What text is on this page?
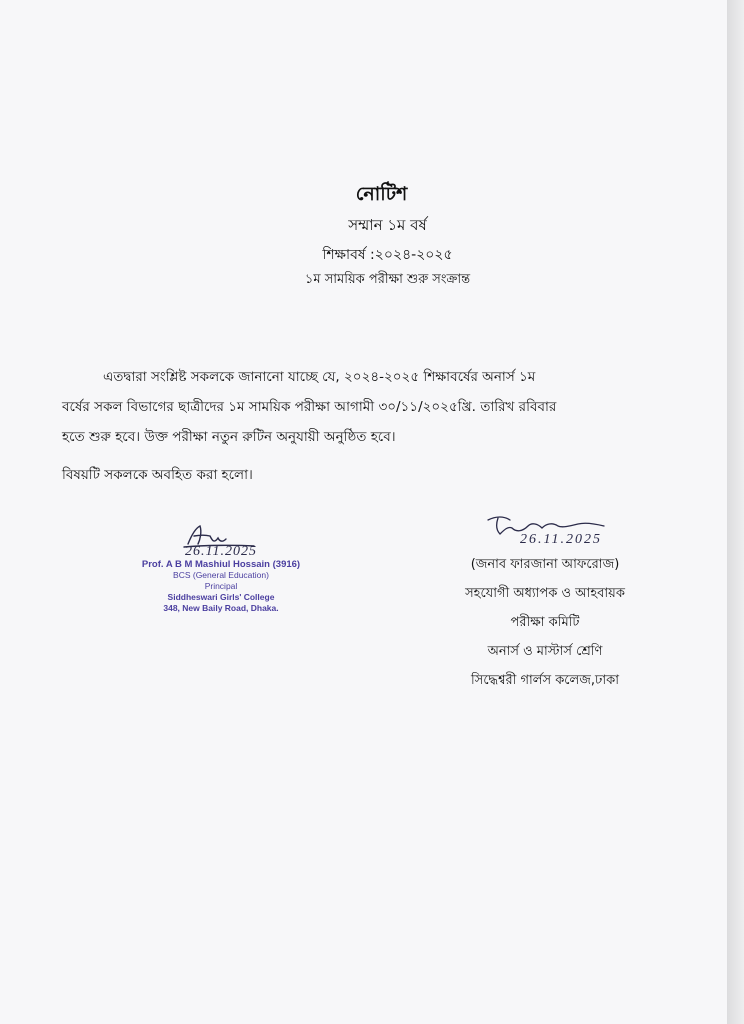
নোটিশ
সম্মান ১ম বর্ষ
শিক্ষাবর্ষ :২০২৪-২০২৫
১ম সাময়িক পরীক্ষা শুরু সংক্রান্ত
এতদ্বারা সংশ্লিষ্ট সকলকে জানানো যাচ্ছে যে, ২০২৪-২০২৫ শিক্ষাবর্ষের অনার্স ১ম
বর্ষের সকল বিভাগের ছাত্রীদের ১ম সাময়িক পরীক্ষা আগামী ৩০/১১/২০২৫খ্রি. তারিখ রবিবার
হতে শুরু হবে। উক্ত পরীক্ষা নতুন রুটিন অনুযায়ী অনুষ্ঠিত হবে।
বিষয়টি সকলকে অবহিত করা হলো।
26.11.2025
Prof. A B M Mashiul Hossain (3916)
BCS (General Education)
Principal
Siddheswari Girls' College
348, New Baily Road, Dhaka.
26.11.2025
(জনাব ফারজানা আফরোজ)
সহযোগী অধ্যাপক ও আহবায়ক
পরীক্ষা কমিটি
অনার্স ও মাস্টার্স শ্রেণি
সিদ্ধেশ্বরী গার্লস কলেজ,ঢাকা
